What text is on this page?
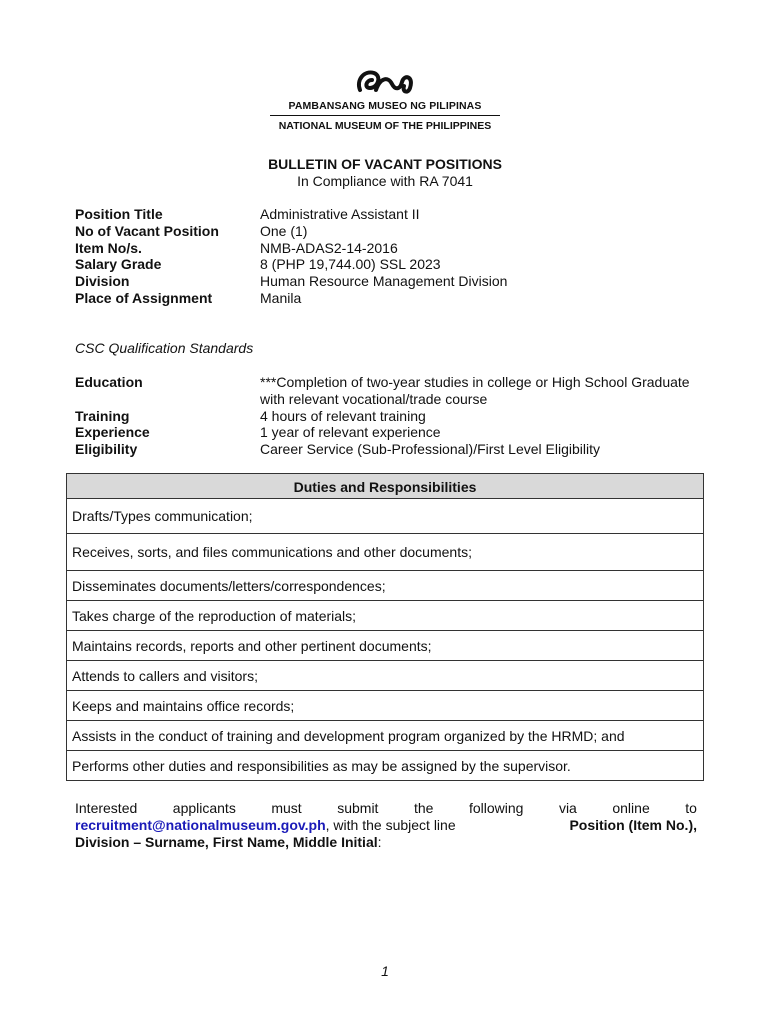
PAMBANSANG MUSEO NG PILIPINAS
NATIONAL MUSEUM OF THE PHILIPPINES
BULLETIN OF VACANT POSITIONS
In Compliance with RA 7041
Position Title	Administrative Assistant II
No of Vacant Position	One (1)
Item No/s.	NMB-ADAS2-14-2016
Salary Grade	8 (PHP 19,744.00) SSL 2023
Division	Human Resource Management Division
Place of Assignment	Manila
CSC Qualification Standards
Education	***Completion of two-year studies in college or High School Graduate with relevant vocational/trade course
Training	4 hours of relevant training
Experience	1 year of relevant experience
Eligibility	Career Service (Sub-Professional)/First Level Eligibility
Duties and Responsibilities
Drafts/Types communication;
Receives, sorts, and files communications and other documents;
Disseminates documents/letters/correspondences;
Takes charge of the reproduction of materials;
Maintains records, reports and other pertinent documents;
Attends to callers and visitors;
Keeps and maintains office records;
Assists in the conduct of training and development program organized by the HRMD; and
Performs other duties and responsibilities as may be assigned by the supervisor.
Interested	applicants	must	submit	the	following	via	online	to
recruitment@nationalmuseum.gov.ph, with the subject line	Position (Item No.),
Division – Surname, First Name, Middle Initial:
1
